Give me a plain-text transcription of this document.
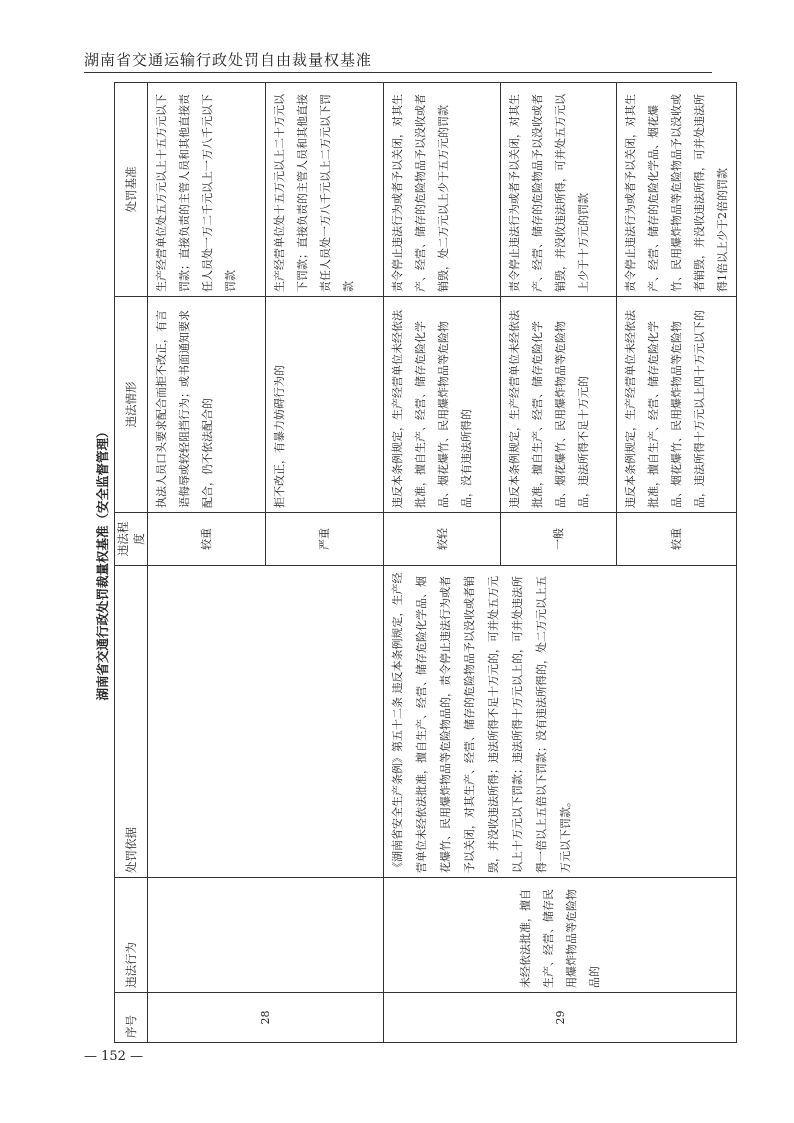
湖南省交通运输行政处罚自由裁量权基准
湖南省交通行政处罚裁量权基准（安全监督管理）
序号	违法行为	处罚依据	违法程度	违法情形	处罚基准
28			较重	执法人员口头要求配合而拒不改正，有言语侮辱或较轻阻挡行为；或书面通知要求配合，仍不依法配合的	生产经营单位处五万元以上十五万元以下罚款；直接负责的主管人员和其他直接责任人员处一万二千元以上一万八千元以下罚款
			严重	拒不改正，有暴力妨碍行为的	生产经营单位处十五万元以上二十万元以下罚款；直接负责的主管人员和其他直接责任人员处一万八千元以上二万元以下罚款
29	未经依法批准，擅自生产、经营、储存民用爆炸物品等危险物品的	《湖南省安全生产条例》第五十二条 违反本条例规定，生产经营单位未经依法批准，擅自生产、经营、储存危险化学品、烟花爆竹、民用爆炸物品等危险物品的，责令停止违法行为或者予以关闭，对其生产、经营、储存的危险物品予以没收或者销毁，并没收违法所得；违法所得不足十万元的，可并处五万元以上十万元以下罚款；违法所得十万元以上的，可并处违法所得一倍以上五倍以下罚款；没有违法所得的，处二万元以上五万元以下罚款。	较轻	违反本条例规定，生产经营单位未经依法批准，擅自生产、经营、储存危险化学品、烟花爆竹、民用爆炸物品等危险物品，没有违法所得的	责令停止违法行为或者予以关闭，对其生产、经营、储存的危险物品予以没收或者销毁，处二万元以上少于五万元的罚款
			一般	违反本条例规定，生产经营单位未经依法批准，擅自生产、经营、储存危险化学品、烟花爆竹、民用爆炸物品等危险物品，违法所得不足十万元的	责令停止违法行为或者予以关闭，对其生产、经营、储存的危险物品予以没收或者销毁，并没收违法所得，可并处五万元以上少于十万元的罚款
			较重	违反本条例规定，生产经营单位未经依法批准，擅自生产、经营、储存危险化学品、烟花爆竹、民用爆炸物品等危险物品，违法所得十万元以上四十万元以下的	责令停止违法行为或者予以关闭，对其生产、经营、储存的危险化学品、烟花爆竹、民用爆炸物品等危险物品予以没收或者销毁，并没收违法所得，可并处违法所得1倍以上少于2倍的罚款
— 152 —
